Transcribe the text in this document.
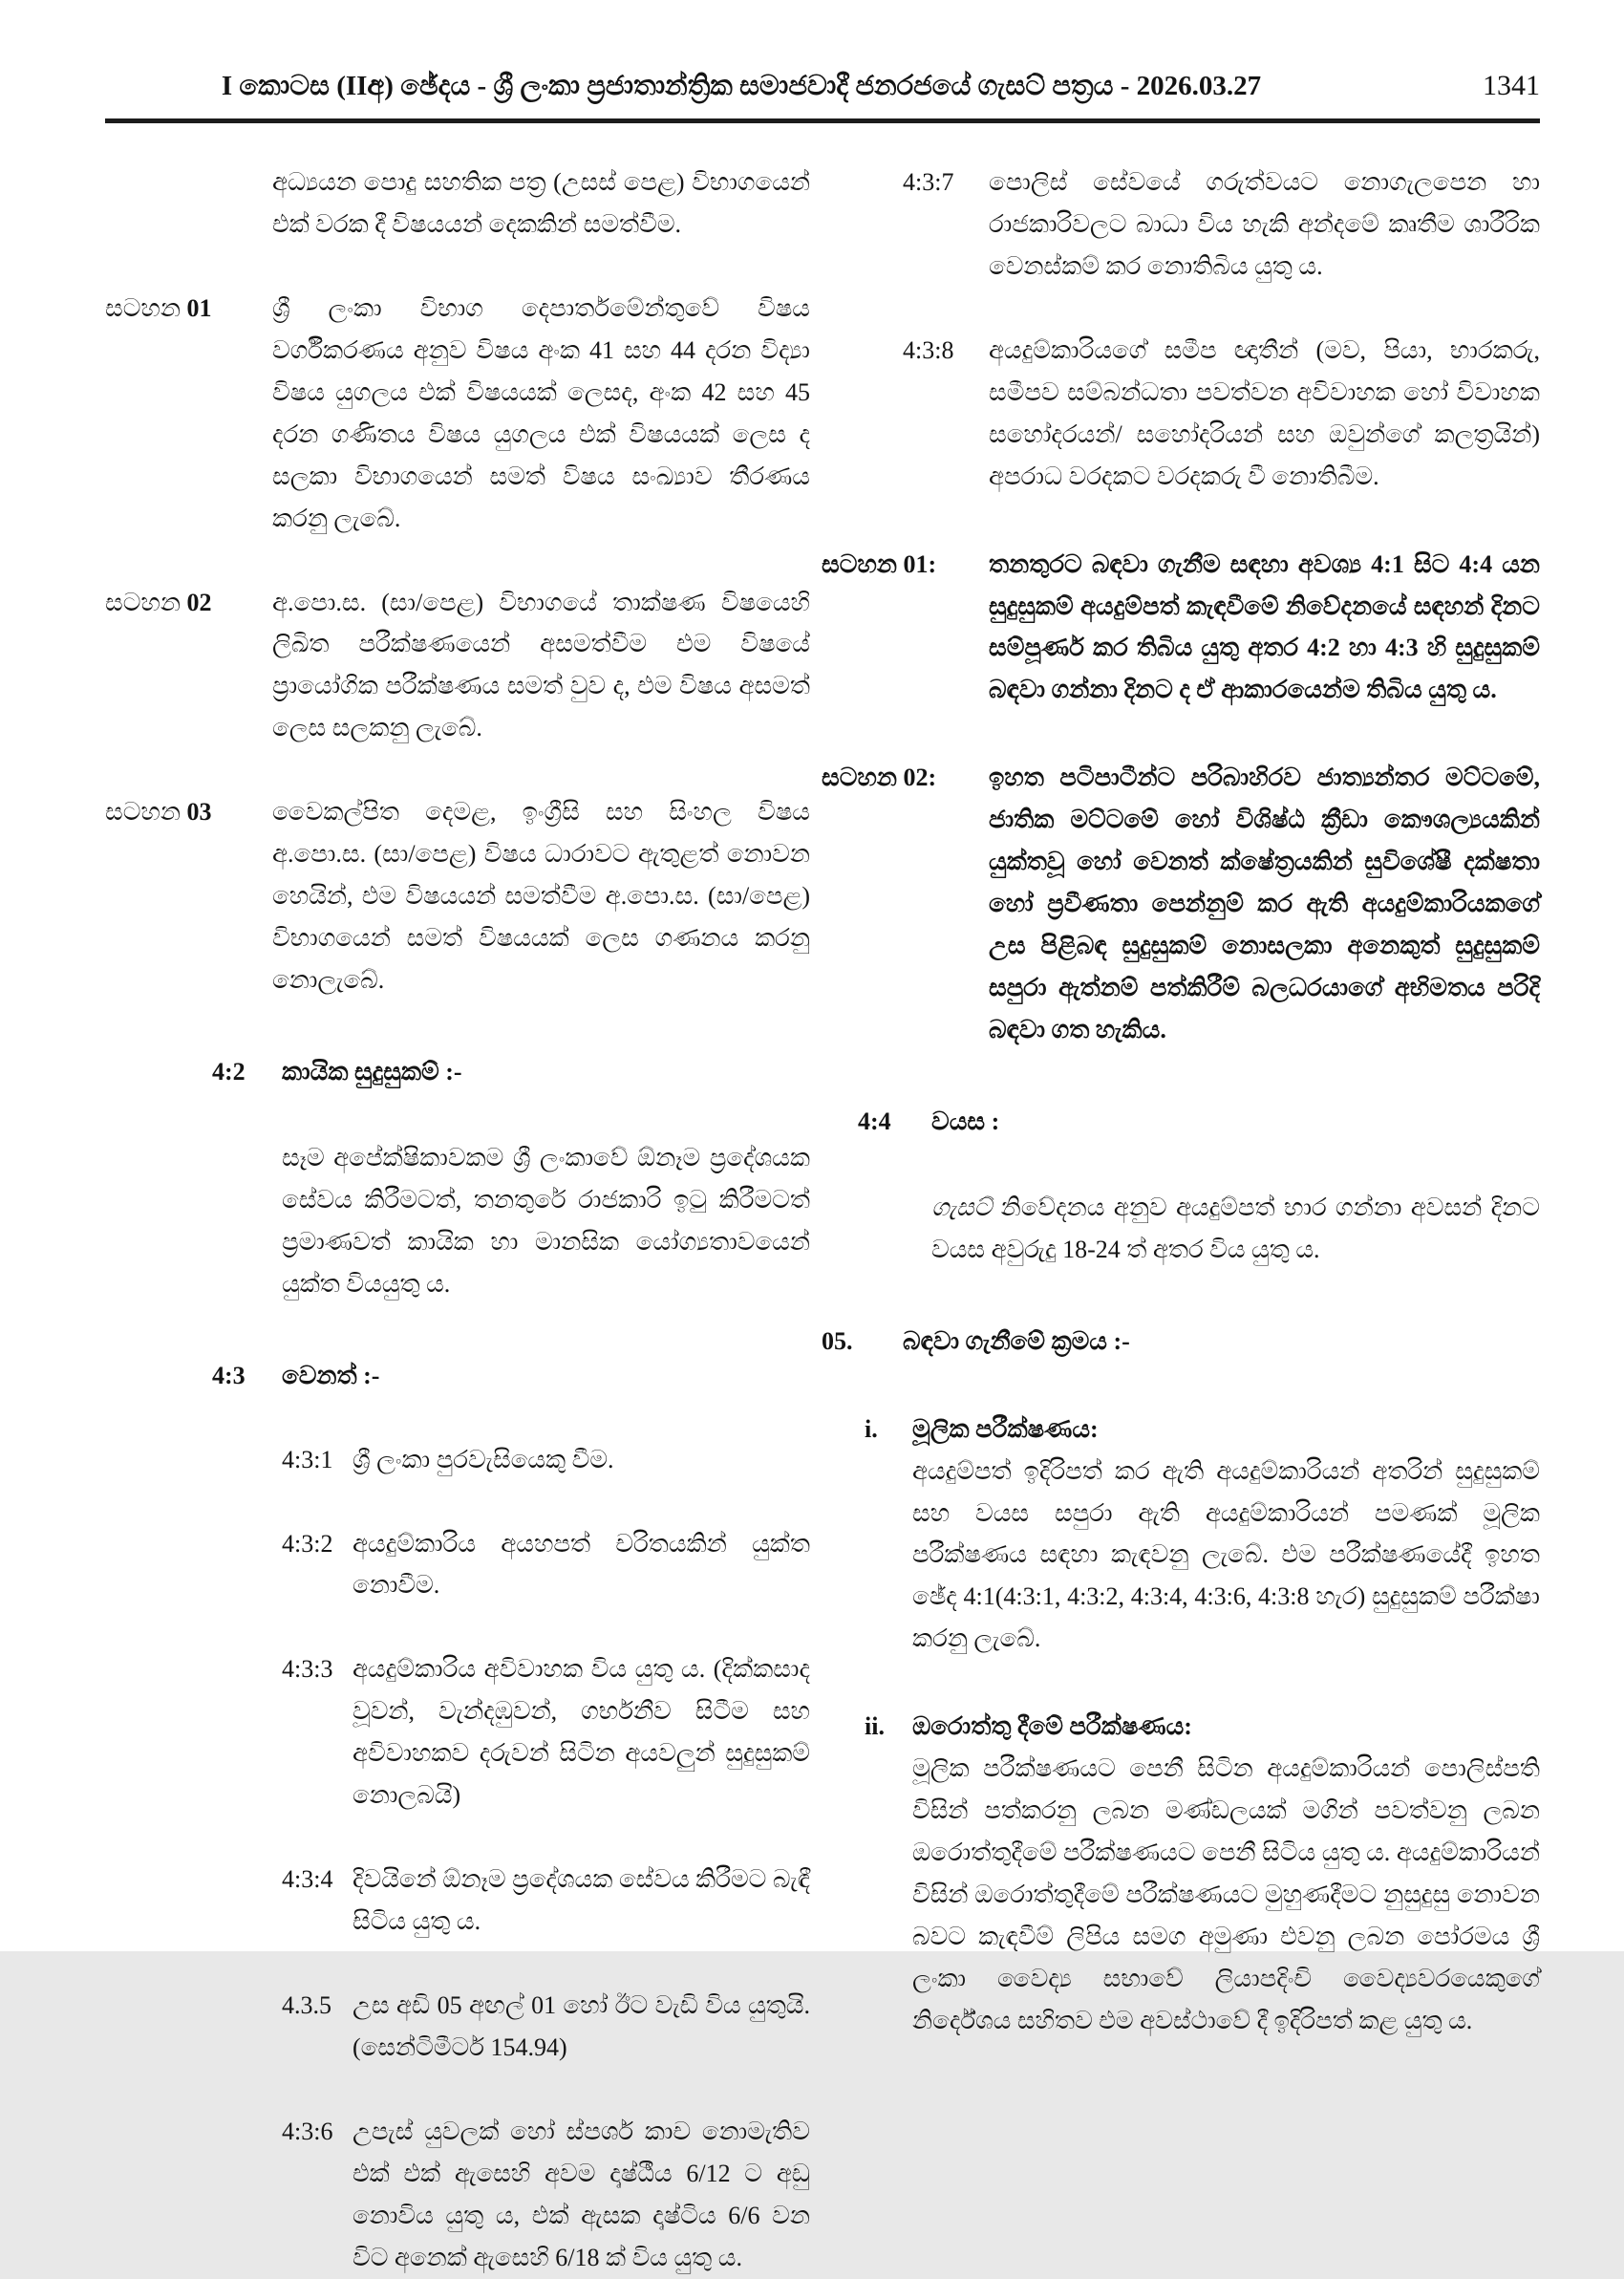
I කොටස (IIඅ) ඡේදය - ශ්‍රී ලංකා ප්‍රජාතාන්ත්‍රික සමාජවාදී ජනරජයේ ගැසට් පත්‍රය - 2026.03.27	1341

අධ්‍යයන පොදු සහතික පත්‍ර (උසස් පෙළ) විභාගයෙන් එක් වරක දී විෂයයන් දෙකකින් සමත්වීම.

සටහන 01	ශ්‍රී ලංකා විභාග දෙපාර්තමේන්තුවේ විෂය වර්ගීකරණය අනුව විෂය අංක 41 සහ 44 දරන විද්‍යා විෂය යුගලය එක් විෂයයක් ලෙසද, අංක 42 සහ 45 දරන ගණිතය විෂය යුගලය එක් විෂයයක් ලෙස ද සලකා විභාගයෙන් සමත් විෂය සංඛ්‍යාව තීරණය කරනු ලැබේ.
සටහන 02	අ.පො.ස. (සා/පෙළ) විභාගයේ තාක්ෂණ විෂයෙහි ලිඛිත පරීක්ෂණයෙන් අසමත්වීම එම විෂයේ ප්‍රායෝගික පරීක්ෂණය සමත් වුව ද, එම විෂය අසමත් ලෙස සලකනු ලැබේ.
සටහන 03	වෛකල්පිත දෙමළ, ඉංග්‍රීසි සහ සිංහල විෂය අ.පො.ස. (සා/පෙළ) විෂය ධාරාවට ඇතුළත් නොවන හෙයින්, එම විෂයයන් සමත්වීම අ.පො.ස. (සා/පෙළ) විභාගයෙන් සමත් විෂයයක් ලෙස ගණනය කරනු නොලැබේ.
4:2	කායික සුදුසුකම් :-

සෑම අපේක්ෂිකාවකම ශ්‍රී ලංකාවේ ඕනෑම ප්‍රදේශයක සේවය කිරීමටත්, තනතුරේ රාජකාරි ඉටු කිරීමටත් ප්‍රමාණවත් කායික හා මානසික යෝග්‍යතාවයෙන් යුක්ත වියයුතු ය.

4:3	වෙනත් :-
4:3:1 ශ්‍රී ලංකා පුරවැසියෙකු වීම.
4:3:2 අයදුම්කාරිය අයහපත් චරිතයකින් යුක්ත නොවීම.
4:3:3 අයදුම්කාරිය අවිවාහක විය යුතු ය. (දික්කසාද වූවන්, වැන්දඹුවන්, ගර්භනීව සිටීම සහ අවිවාහකව දරුවන් සිටින අයවලුන් සුදුසුකම් නොලබයි)
4:3:4 දිවයිනේ ඕනෑම ප්‍රදේශයක සේවය කිරීමට බැඳී සිටිය යුතු ය.
4.3.5 උස අඩි 05 අඟල් 01 හෝ ඊට වැඩි විය යුතුයි. (සෙන්ටිමීටර් 154.94)
4:3:6 උපැස් යුවලක් හෝ ස්පර්ශ කාච නොමැතිව එක් එක් ඇසෙහි අවම දෘෂ්ඨීය 6/12 ට අඩු නොවිය යුතු ය, එක් ඇසක දෘෂ්ටිය 6/6 වන විට අනෙක් ඇසෙහි 6/18 ක් විය යුතු ය.
4:3:7	පොලිස් සේවයේ ගරුත්වයට නොගැලපෙන හා රාජකාරිවලට බාධා විය හැකි අන්දමේ කෘතීම ශාරීරික වෙනස්කම් කර නොතිබිය යුතු ය.
4:3:8	අයදුම්කාරියගේ සමීප ඥාතීන් (මව, පියා, භාරකරු, සමීපව සම්බන්ධතා පවත්වන අවිවාහක හෝ විවාහක සහෝදරයන්/ සහෝදරියන් සහ ඔවුන්ගේ කලත්‍රයින්) අපරාධ වරදකට වරදකරු වී නොතිබීම.
සටහන 01:	තනතුරට බඳවා ගැනීම සඳහා අවශ්‍ය 4:1 සිට 4:4 යන සුදුසුකම් අයදුම්පත් කැඳවීමේ නිවේදනයේ සඳහන් දිනට සම්පූර්ණ කර තිබිය යුතු අතර 4:2 හා 4:3 හි සුදුසුකම් බඳවා ගන්නා දිනට ද ඒ ආකාරයෙන්ම තිබිය යුතු ය.
සටහන 02:	ඉහත පටිපාටීන්ට පරිබාහිරව ජාත්‍යන්තර මට්ටමේ, ජාතික මට්ටමේ හෝ විශිෂ්ඨ ක්‍රීඩා කෞශල්‍යයකින් යුක්තවූ හෝ වෙනත් ක්ෂේත්‍රයකින් සුවිශේෂී දක්ෂතා හෝ ප්‍රවීණතා පෙන්නුම් කර ඇති අයදුම්කාරියකගේ උස පිළිබඳ සුදුසුකම් නොසලකා අනෙකුත් සුදුසුකම් සපුරා ඇත්නම් පත්කිරීම් බලධරයාගේ අභිමතය පරිදි බඳවා ගත හැකිය.
4:4	වයස :

ගැසට් නිවේදනය අනුව අයදුම්පත් භාර ගන්නා අවසන් දිනට වයස අවුරුදු 18-24 ත් අතර විය යුතු ය.

05.	බඳවා ගැනීමේ ක්‍රමය :-
i.	මූලික පරීක්ෂණය:
අයදුම්පත් ඉදිරිපත් කර ඇති අයදුම්කාරියන් අතරින් සුදුසුකම් සහ වයස සපුරා ඇති අයදුම්කාරියන් පමණක් මූලික පරීක්ෂණය සඳහා කැඳවනු ලැබේ. එම පරීක්ෂණයේදී ඉහත ඡේද 4:1(4:3:1, 4:3:2, 4:3:4, 4:3:6, 4:3:8 හැර) සුදුසුකම් පරීක්ෂා කරනු ලැබේ.
ii.	ඔරොත්තු දීමේ පරීක්ෂණය:
මූලික පරීක්ෂණයට පෙනී සිටින අයදුම්කාරියන් පොලිස්පති විසින් පත්කරනු ලබන මණ්ඩලයක් මගින් පවත්වනු ලබන ඔරොත්තුදීමේ පරීක්ෂණයට පෙනී සිටිය යුතු ය. අයදුම්කාරියන් විසින් ඔරොත්තුදීමේ පරීක්ෂණයට මුහුණදීමට නුසුදුසු නොවන බවට කැඳවීම් ලිපිය සමග අමුණා එවනු ලබන පෝරමය ශ්‍රී ලංකා වෛද්‍ය සභාවේ ලියාපදිංචි වෛද්‍යවරයෙකුගේ නිර්දේශය සහිතව එම අවස්ථාවේ දී ඉදිරිපත් කළ යුතු ය.
